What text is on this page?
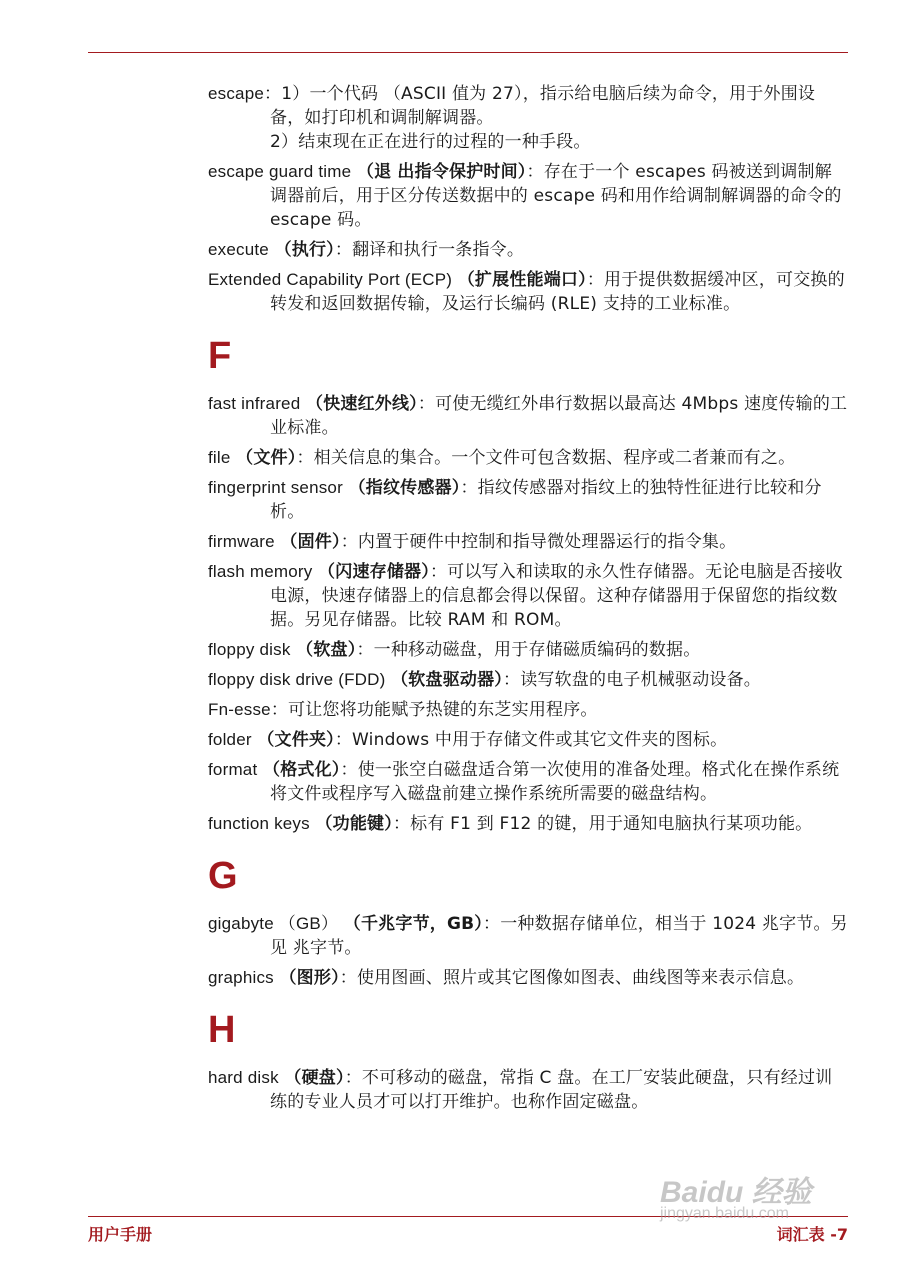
escape：1）一个代码 （ASCII 值为 27），指示给电脑后续为命令，用于外围设备，如打印机和调制解调器。
2）结束现在正在进行的过程的一种手段。
escape guard time （退 出指令保护时间）：存在于一个 escapes 码被送到调制解调器前后，用于区分传送数据中的 escape 码和用作给调制解调器的命令的 escape 码。
execute （执行）：翻译和执行一条指令。
Extended Capability Port (ECP) （扩展性能端口）：用于提供数据缓冲区，可交换的转发和返回数据传输，及运行长编码 (RLE) 支持的工业标准。
F
fast infrared （快速红外线）：可使无缆红外串行数据以最高达 4Mbps 速度传输的工业标准。
file （文件）：相关信息的集合。一个文件可包含数据、程序或二者兼而有之。
fingerprint sensor （指纹传感器）：指纹传感器对指纹上的独特性征进行比较和分析。
firmware （固件）：内置于硬件中控制和指导微处理器运行的指令集。
flash memory （闪速存储器）：可以写入和读取的永久性存储器。无论电脑是否接收电源，快速存储器上的信息都会得以保留。这种存储器用于保留您的指纹数据。另见存储器。比较 RAM 和 ROM。
floppy disk （软盘）：一种移动磁盘，用于存储磁质编码的数据。
floppy disk drive (FDD) （软盘驱动器）：读写软盘的电子机械驱动设备。
Fn-esse：可让您将功能赋予热键的东芝实用程序。
folder （文件夹）：Windows 中用于存储文件或其它文件夹的图标。
format （格式化）：使一张空白磁盘适合第一次使用的准备处理。格式化在操作系统将文件或程序写入磁盘前建立操作系统所需要的磁盘结构。
function keys （功能键）：标有 F1 到 F12 的键，用于通知电脑执行某项功能。
G
gigabyte （GB） （千兆字节，GB）：一种数据存储单位，相当于 1024 兆字节。另见 兆字节。
graphics （图形）：使用图画、照片或其它图像如图表、曲线图等来表示信息。
H
hard disk （硬盘）：不可移动的磁盘，常指 C 盘。在工厂安装此硬盘，只有经过训练的专业人员才可以打开维护。也称作固定磁盘。
用户手册	词汇表 -7
Baidu 经验
jingyan.baidu.com
